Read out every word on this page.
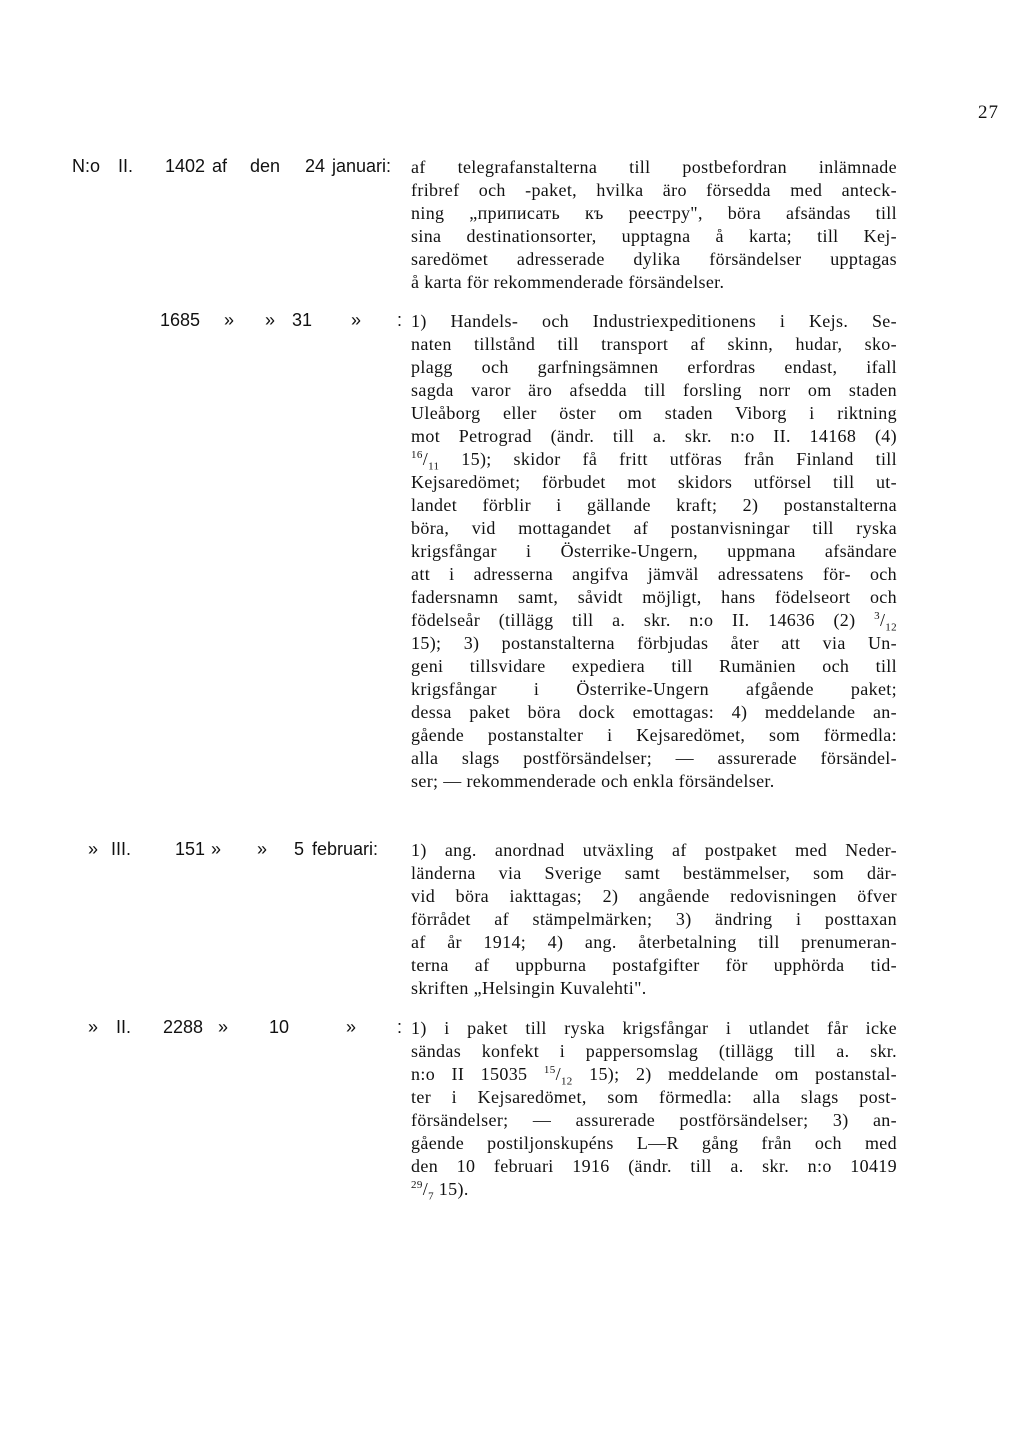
27
N:o II. 1402 af den 24 januari: af telegrafanstalterna till postbefordran inlämnade
fribref och -paket, hvilka äro försedda med anteck-
ning „приписать къ реестру", böra afsändas till
sina destinationsorter, upptagna å karta; till Kej-
saredömet adresserade dylika försändelser upptagas
å karta för rekommenderade försändelser.
1685 » » 31 » : 1) Handels- och Industriexpeditionens i Kejs. Se-
naten tillstånd till transport af skinn, hudar, sko-
plagg och garfningsämnen erfordras endast, ifall
sagda varor äro afsedda till forsling norr om staden
Uleåborg eller öster om staden Viborg i riktning
mot Petrograd (ändr. till a. skr. n:o II. 14168 (4)
$^{16}/_{11}$ 15); skidor få fritt utföras från Finland till
Kejsaredömet; förbudet mot skidors utförsel till ut-
landet förblir i gällande kraft; 2) postanstalterna
böra, vid mottagandet af postanvisningar till ryska
krigsfångar i Österrike-Ungern, uppmana afsändare
att i adresserna angifva jämväl adressatens för- och
fadersnamn samt, såvidt möjligt, hans födelseort och
födelseår (tillägg till a. skr. n:o II. 14636 (2) $^3/_{12}$
15); 3) postanstalterna förbjudas åter att via Un-
geni tillsvidare expediera till Rumänien och till
krigsfångar i Österrike-Ungern afgående paket;
dessa paket böra dock emottagas: 4) meddelande an-
gående postanstalter i Kejsaredömet, som förmedla:
alla slags postförsändelser; — assurerade försändel-
ser; — rekommenderade och enkla försändelser.
» III. 151 » » 5 februari: 1) ang. anordnad utväxling af postpaket med Neder-
länderna via Sverige samt bestämmelser, som där-
vid böra iakttagas; 2) angående redovisningen öfver
förrådet af stämpelmärken; 3) ändring i posttaxan
af år 1914; 4) ang. återbetalning till prenumeran-
terna af uppburna postafgifter för upphörda tid-
skriften „Helsingin Kuvalehti".
» II. 2288 » 10	» : 1) i paket till ryska krigsfångar i utlandet får icke
sändas konfekt i pappersomslag (tillägg till a. skr.
n:o II 15035 $^{15}/_{12}$ 15); 2) meddelande om postanstal-
ter i Kejsaredömet, som förmedla: alla slags post-
försändelser; — assurerade postförsändelser; 3) an-
gående postiljonskupéns L—R gång från och med
den 10 februari 1916 (ändr. till a. skr. n:o 10419
$^{29}/_7$ 15).
